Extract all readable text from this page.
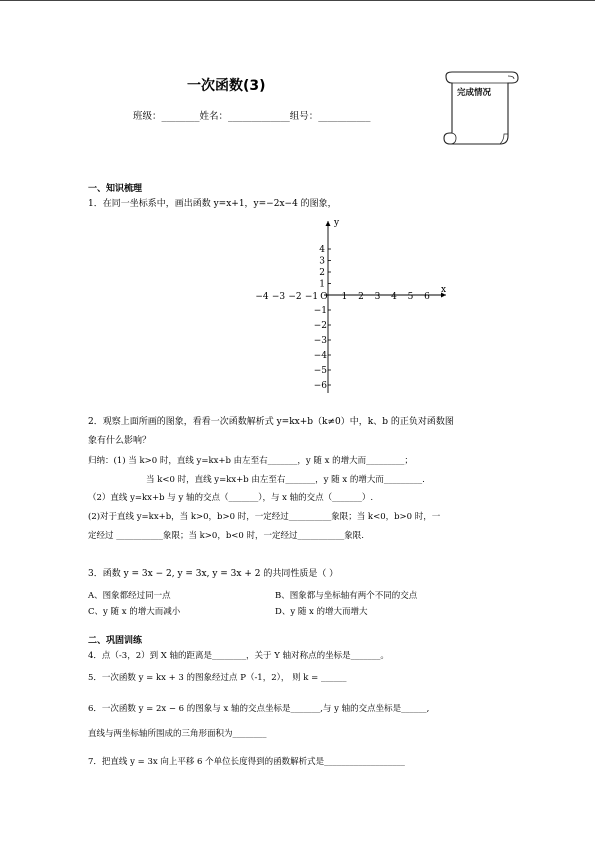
一次函数(3)
班级：________姓名：_____________组号：___________
完成情况
一、知识梳理
1．在同一坐标系中，画出函数 y=x+1，y=−2x−4 的图象，
x
y
−4 −3 −2 −1 O 1 2 3 4 5 6
4
3
2
1
−1
−2
−3
−4
−5
−6
2．观察上面所画的图象，看看一次函数解析式 y=kx+b（k≠0）中，k、b 的正负对函数图
象有什么影响？
归纳：(1) 当 k>0 时，直线 y=kx+b 由左至右_______，y 随 x 的增大而_________；
当 k<0 时，直线 y=kx+b 由左至右_______，y 随 x 的增大而_________.
（2）直线 y=kx+b 与 y 轴的交点（_______），与 x 轴的交点（_______）.
(2)对于直线 y=kx+b，当 k>0，b>0 时，一定经过__________象限；当 k<0，b>0 时，一
定经过 ___________象限；当 k>0，b<0 时，一定经过___________象限.
3．函数 y = 3x − 2, y = 3x, y = 3x + 2 的共同性质是（ ）
A、图象都经过同一点	B、图象都与坐标轴有两个不同的交点
C、y 随 x 的增大而减小	D、y 随 x 的增大而增大
二、巩固训练
4．点（-3，2）到 X 轴的距离是________，关于 Y 轴对称点的坐标是_______。
5．一次函数 y = kx + 3 的图象经过点 P（-1，2）， 则 k = ______
6．一次函数 y = 2x − 6 的图象与 x 轴的交点坐标是_______,与 y 轴的交点坐标是______,
直线与两坐标轴所围成的三角形面积为________
7．把直线 y = 3x 向上平移 6 个单位长度得到的函数解析式是___________________
